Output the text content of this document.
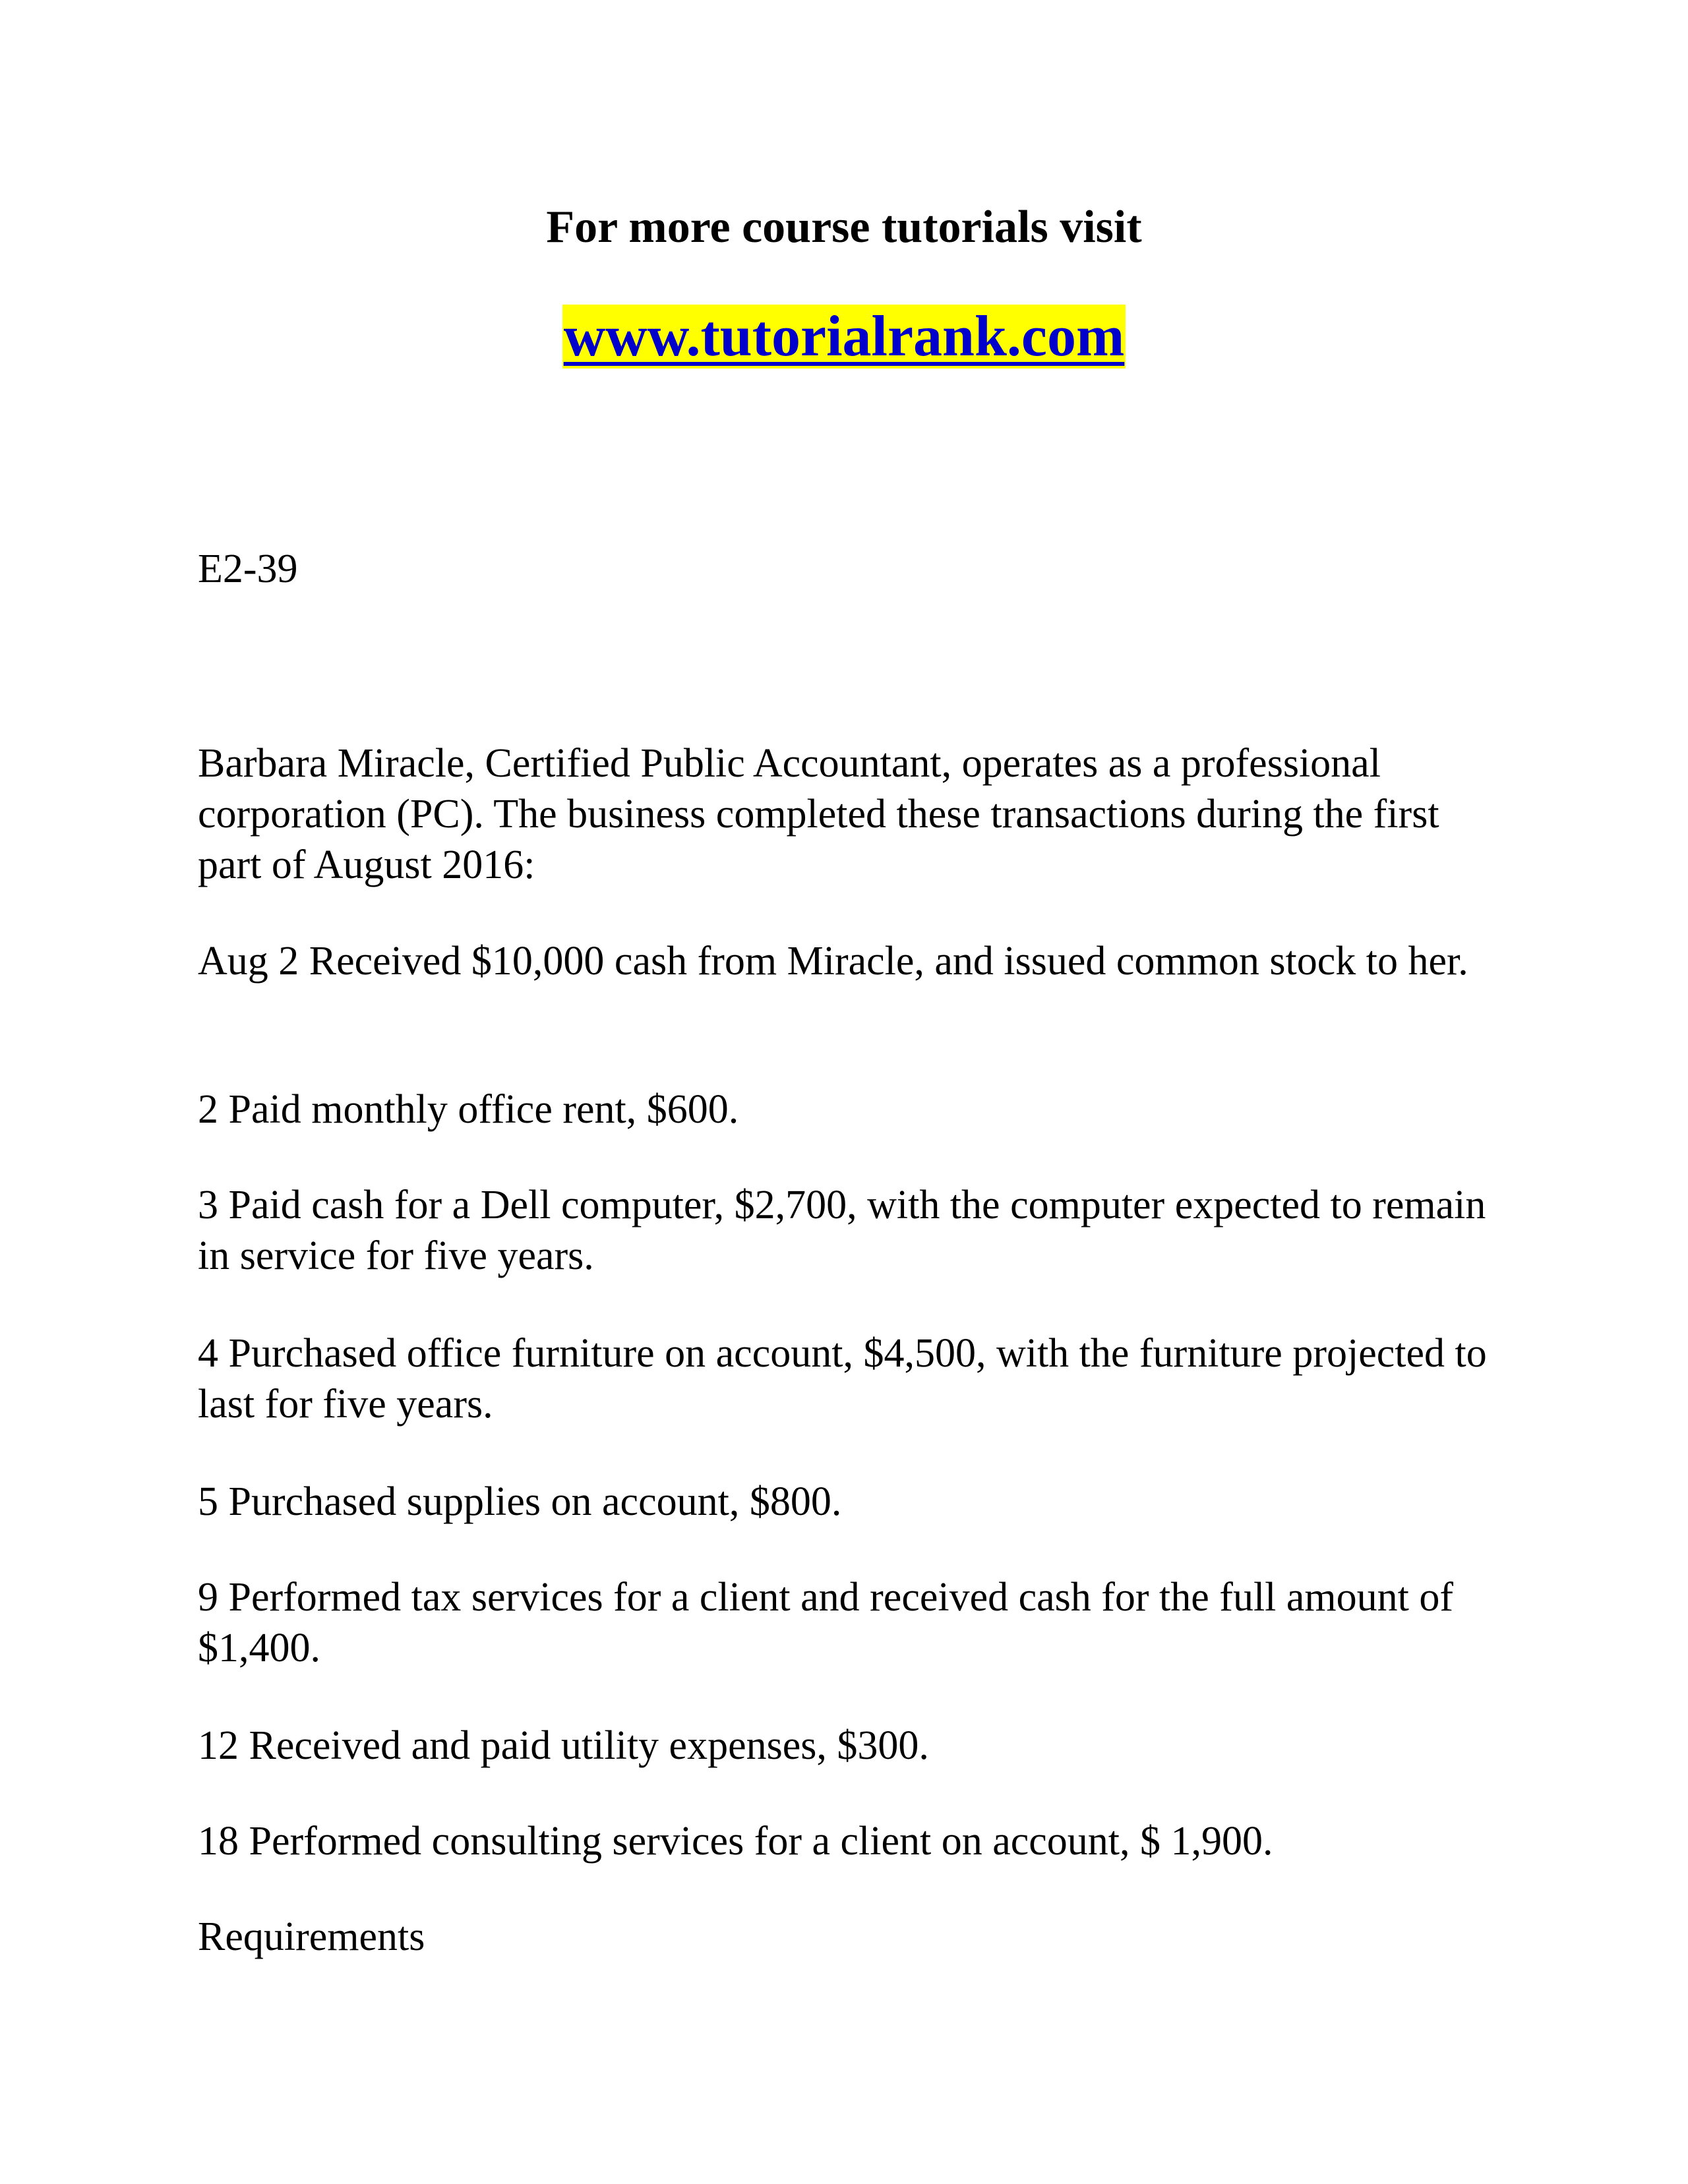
For more course tutorials visit
www.tutorialrank.com

E2-39

Barbara Miracle, Certified Public Accountant, operates as a professional corporation (PC). The business completed these transactions during the first part of August 2016:

Aug 2 Received $10,000 cash from Miracle, and issued common stock to her.

2 Paid monthly office rent, $600.

3 Paid cash for a Dell computer, $2,700, with the computer expected to remain in service for five years.

4 Purchased office furniture on account, $4,500, with the furniture projected to last for five years.

5 Purchased supplies on account, $800.

9 Performed tax services for a client and received cash for the full amount of $1,400.

12 Received and paid utility expenses, $300.

18 Performed consulting services for a client on account, $ 1,900.

Requirements
